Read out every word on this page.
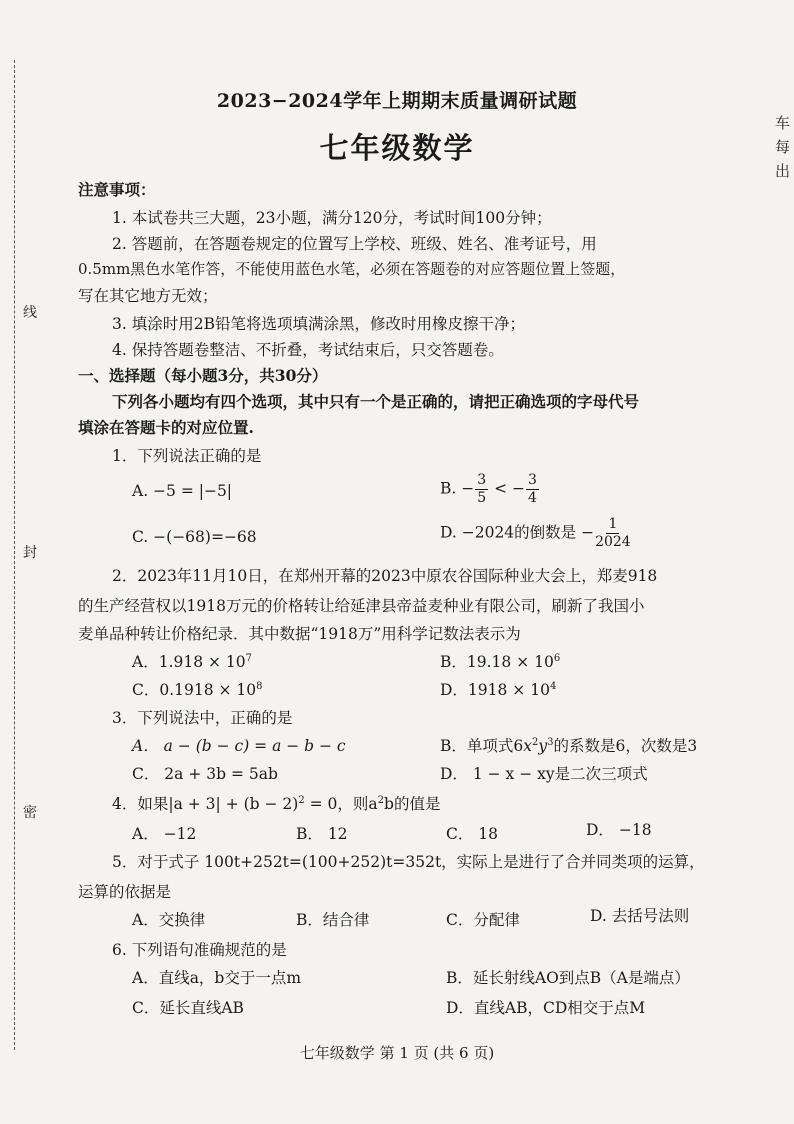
线
封
密
车
每
出
2023−2024学年上期期末质量调研试题
七年级数学
注意事项：
1. 本试卷共三大题，23小题，满分120分，考试时间100分钟；
2. 答题前，在答题卷规定的位置写上学校、班级、姓名、准考证号，用
0.5mm黑色水笔作答，不能使用蓝色水笔，必须在答题卷的对应答题位置上签题，
写在其它地方无效；
3. 填涂时用2B铅笔将选项填满涂黑，修改时用橡皮擦干净；
4. 保持答题卷整洁、不折叠，考试结束后，只交答题卷。
一、选择题（每小题3分，共30分）
下列各小题均有四个选项，其中只有一个是正确的，请把正确选项的字母代号
填涂在答题卡的对应位置.
1．下列说法正确的是
A. −5 = |−5|	B. − $\frac{3}{5}$ < − $\frac{3}{4}$
C. −(−68)=−68	D. −2024的倒数是 − $\frac{1}{2024}$
2．2023年11月10日，在郑州开幕的2023中原农谷国际种业大会上，郑麦918
的生产经营权以1918万元的价格转让给延津县帝益麦种业有限公司，刷新了我国小
麦单品种转让价格纪录．其中数据“1918万”用科学记数法表示为
A．$1.918 \times 10^7$	B．$19.18 \times 10^6$
C．$0.1918 \times 10^8$	D．$1918 \times 10^4$
3．下列说法中，正确的是
A． a − (b − c) = a − b − c	B．单项式$6x^2y^3$的系数是6，次数是3
C． 2a + 3b = 5ab	D． 1 − x − xy是二次三项式
4．如果$|a + 3| + (b - 2)^2 = 0$，则$a^2b$的值是
A． −12	B． 12	C． 18	D． −18
5．对于式子 100t+252t=(100+252)t=352t，实际上是进行了合并同类项的运算，
运算的依据是
A．交换律	B．结合律	C．分配律	D. 去括号法则
6. 下列语句准确规范的是
A．直线a，b交于一点m	B．延长射线AO到点B（A是端点）
C．延长直线AB	D．直线AB，CD相交于点M
七年级数学 第 1 页 (共 6 页)
